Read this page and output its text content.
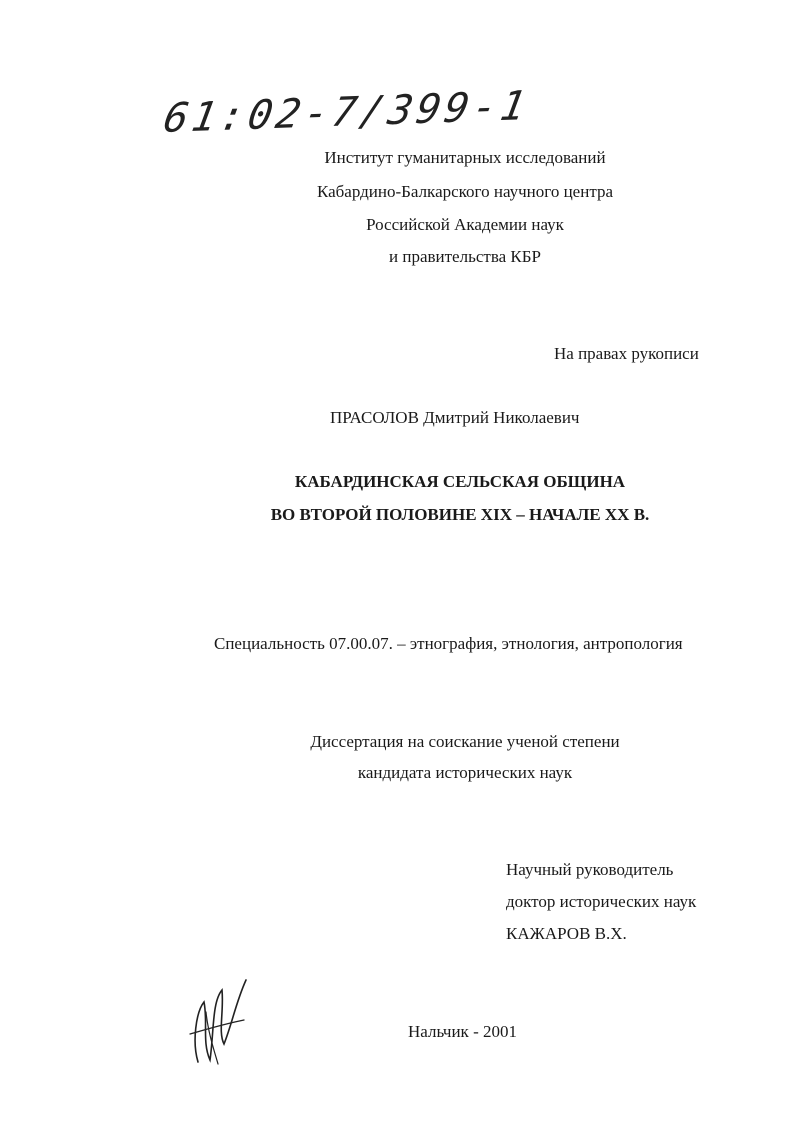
61:02-7/399-1
Институт гуманитарных исследований
Кабардино-Балкарского научного центра
Российской Академии наук
и правительства КБР
На правах рукописи
ПРАСОЛОВ Дмитрий Николаевич
КАБАРДИНСКАЯ СЕЛЬСКАЯ ОБЩИНА
ВО ВТОРОЙ ПОЛОВИНЕ XIX – НАЧАЛЕ XX В.
Специальность 07.00.07. – этнография, этнология, антропология
Диссертация на соискание ученой степени
кандидата исторических наук
Научный руководитель
доктор исторических наук
КАЖАРОВ В.Х.
Нальчик - 2001
